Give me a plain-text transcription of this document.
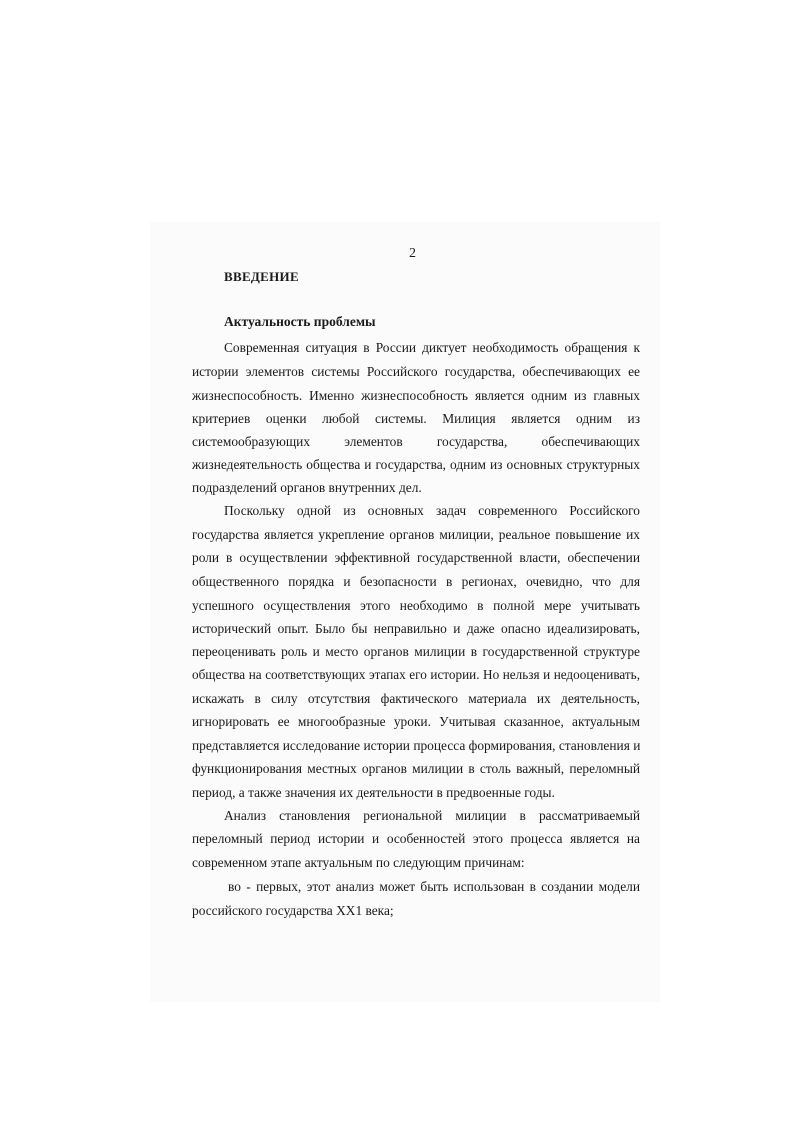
2
ВВЕДЕНИЕ
Актуальность проблемы
Современная ситуация в России диктует необходимость обращения к
истории элементов системы Российского государства, обеспечивающих ее
жизнеспособность. Именно жизнеспособность является одним из главных
критериев оценки любой системы. Милиция является одним из
системообразующих элементов государства, обеспечивающих
жизнедеятельность общества и государства, одним из основных структурных
подразделений органов внутренних дел.
Поскольку одной из основных задач современного Российского
государства является укрепление органов милиции, реальное повышение их
роли в осуществлении эффективной государственной власти, обеспечении
общественного порядка и безопасности в регионах, очевидно, что для
успешного осуществления этого необходимо в полной мере учитывать
исторический опыт. Было бы неправильно и даже опасно идеализировать,
переоценивать роль и место органов милиции в государственной структуре
общества на соответствующих этапах его истории. Но нельзя и недооценивать,
искажать в силу отсутствия фактического материала их деятельность,
игнорировать ее многообразные уроки. Учитывая сказанное, актуальным
представляется исследование истории процесса формирования, становления и
функционирования местных органов милиции в столь важный, переломный
период, а также значения их деятельности в предвоенные годы.
Анализ становления региональной милиции в рассматриваемый
переломный период истории и особенностей этого процесса является на
современном этапе актуальным по следующим причинам:
во - первых, этот анализ может быть использован в создании модели
российского государства XX1 века;
